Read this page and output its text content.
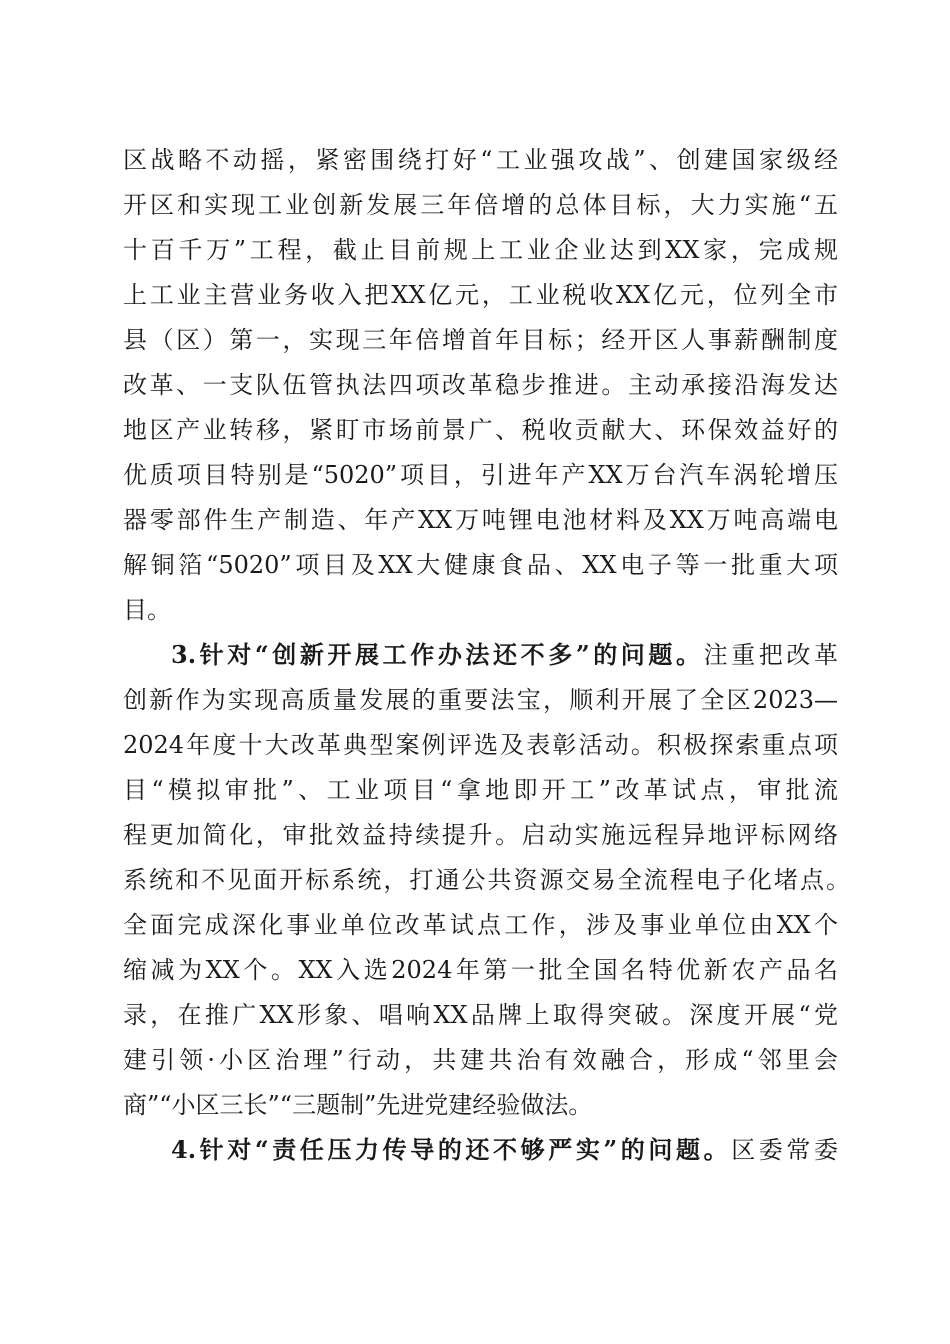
区战略不动摇，紧密围绕打好“工业强攻战”、创建国家级经
开区和实现工业创新发展三年倍增的总体目标，大力实施“五
十百千万”工程，截止目前规上工业企业达到XX家，完成规
上工业主营业务收入把XX亿元，工业税收XX亿元，位列全市
县（区）第一，实现三年倍增首年目标；经开区人事薪酬制度
改革、一支队伍管执法四项改革稳步推进。主动承接沿海发达
地区产业转移，紧盯市场前景广、税收贡献大、环保效益好的
优质项目特别是“5020”项目，引进年产XX万台汽车涡轮增压
器零部件生产制造、年产XX万吨锂电池材料及XX万吨高端电
解铜箔“5020”项目及XX大健康食品、XX电子等一批重大项
目。
3.针对“创新开展工作办法还不多”的问题。注重把改革
创新作为实现高质量发展的重要法宝，顺利开展了全区2023—
2024年度十大改革典型案例评选及表彰活动。积极探索重点项
目“模拟审批”、工业项目“拿地即开工”改革试点，审批流
程更加简化，审批效益持续提升。启动实施远程异地评标网络
系统和不见面开标系统，打通公共资源交易全流程电子化堵点。
全面完成深化事业单位改革试点工作，涉及事业单位由XX个
缩减为XX个。XX入选2024年第一批全国名特优新农产品名
录，在推广XX形象、唱响XX品牌上取得突破。深度开展“党
建引领·小区治理”行动，共建共治有效融合，形成“邻里会
商”“小区三长”“三题制”先进党建经验做法。
4.针对“责任压力传导的还不够严实”的问题。区委常委
